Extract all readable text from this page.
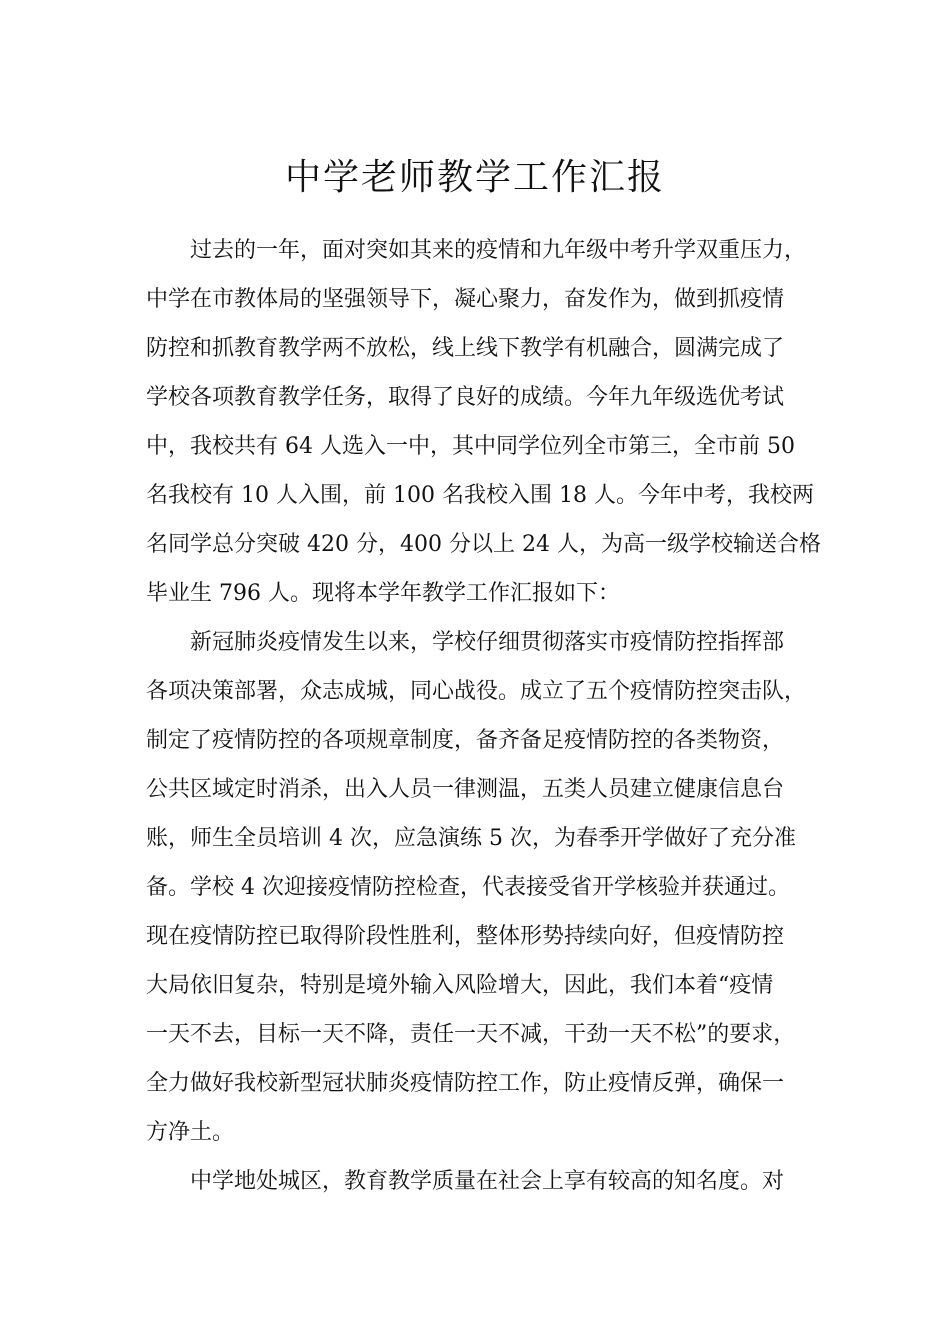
中学老师教学工作汇报

过去的一年，面对突如其来的疫情和九年级中考升学双重压力，
中学在市教体局的坚强领导下，凝心聚力，奋发作为，做到抓疫情
防控和抓教育教学两不放松，线上线下教学有机融合，圆满完成了
学校各项教育教学任务，取得了良好的成绩。今年九年级选优考试
中，我校共有 64 人选入一中，其中同学位列全市第三，全市前 50
名我校有 10 人入围，前 100 名我校入围 18 人。今年中考，我校两
名同学总分突破 420 分，400 分以上 24 人，为高一级学校输送合格
毕业生 796 人。现将本学年教学工作汇报如下：

新冠肺炎疫情发生以来，学校仔细贯彻落实市疫情防控指挥部
各项决策部署，众志成城，同心战役。成立了五个疫情防控突击队，
制定了疫情防控的各项规章制度，备齐备足疫情防控的各类物资，
公共区域定时消杀，出入人员一律测温，五类人员建立健康信息台
账，师生全员培训 4 次，应急演练 5 次，为春季开学做好了充分准
备。学校 4 次迎接疫情防控检查，代表接受省开学核验并获通过。
现在疫情防控已取得阶段性胜利，整体形势持续向好，但疫情防控
大局依旧复杂，特别是境外输入风险增大，因此，我们本着“疫情
一天不去，目标一天不降，责任一天不减，干劲一天不松”的要求，
全力做好我校新型冠状肺炎疫情防控工作，防止疫情反弹，确保一
方净土。

中学地处城区，教育教学质量在社会上享有较高的知名度。对
